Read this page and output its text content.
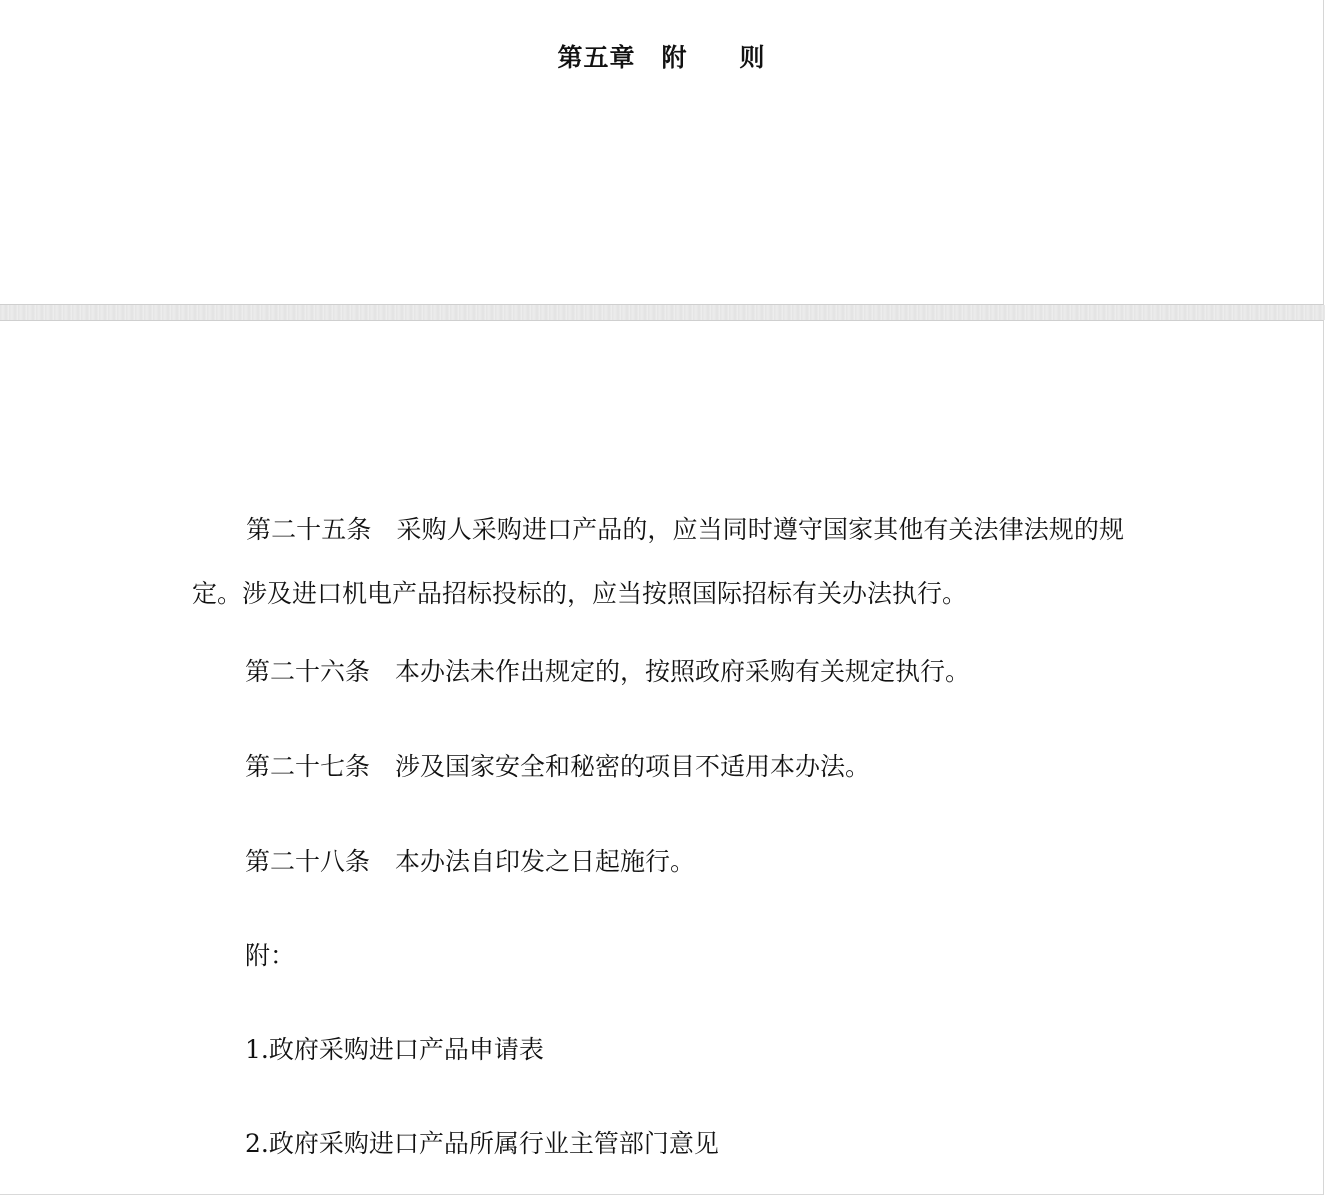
第五章　附　　则

第二十五条　采购人采购进口产品的，应当同时遵守国家其他有关法律法规的规定。涉及进口机电产品招标投标的，应当按照国际招标有关办法执行。

第二十六条　本办法未作出规定的，按照政府采购有关规定执行。

第二十七条　涉及国家安全和秘密的项目不适用本办法。

第二十八条　本办法自印发之日起施行。

附：

1.政府采购进口产品申请表

2.政府采购进口产品所属行业主管部门意见
